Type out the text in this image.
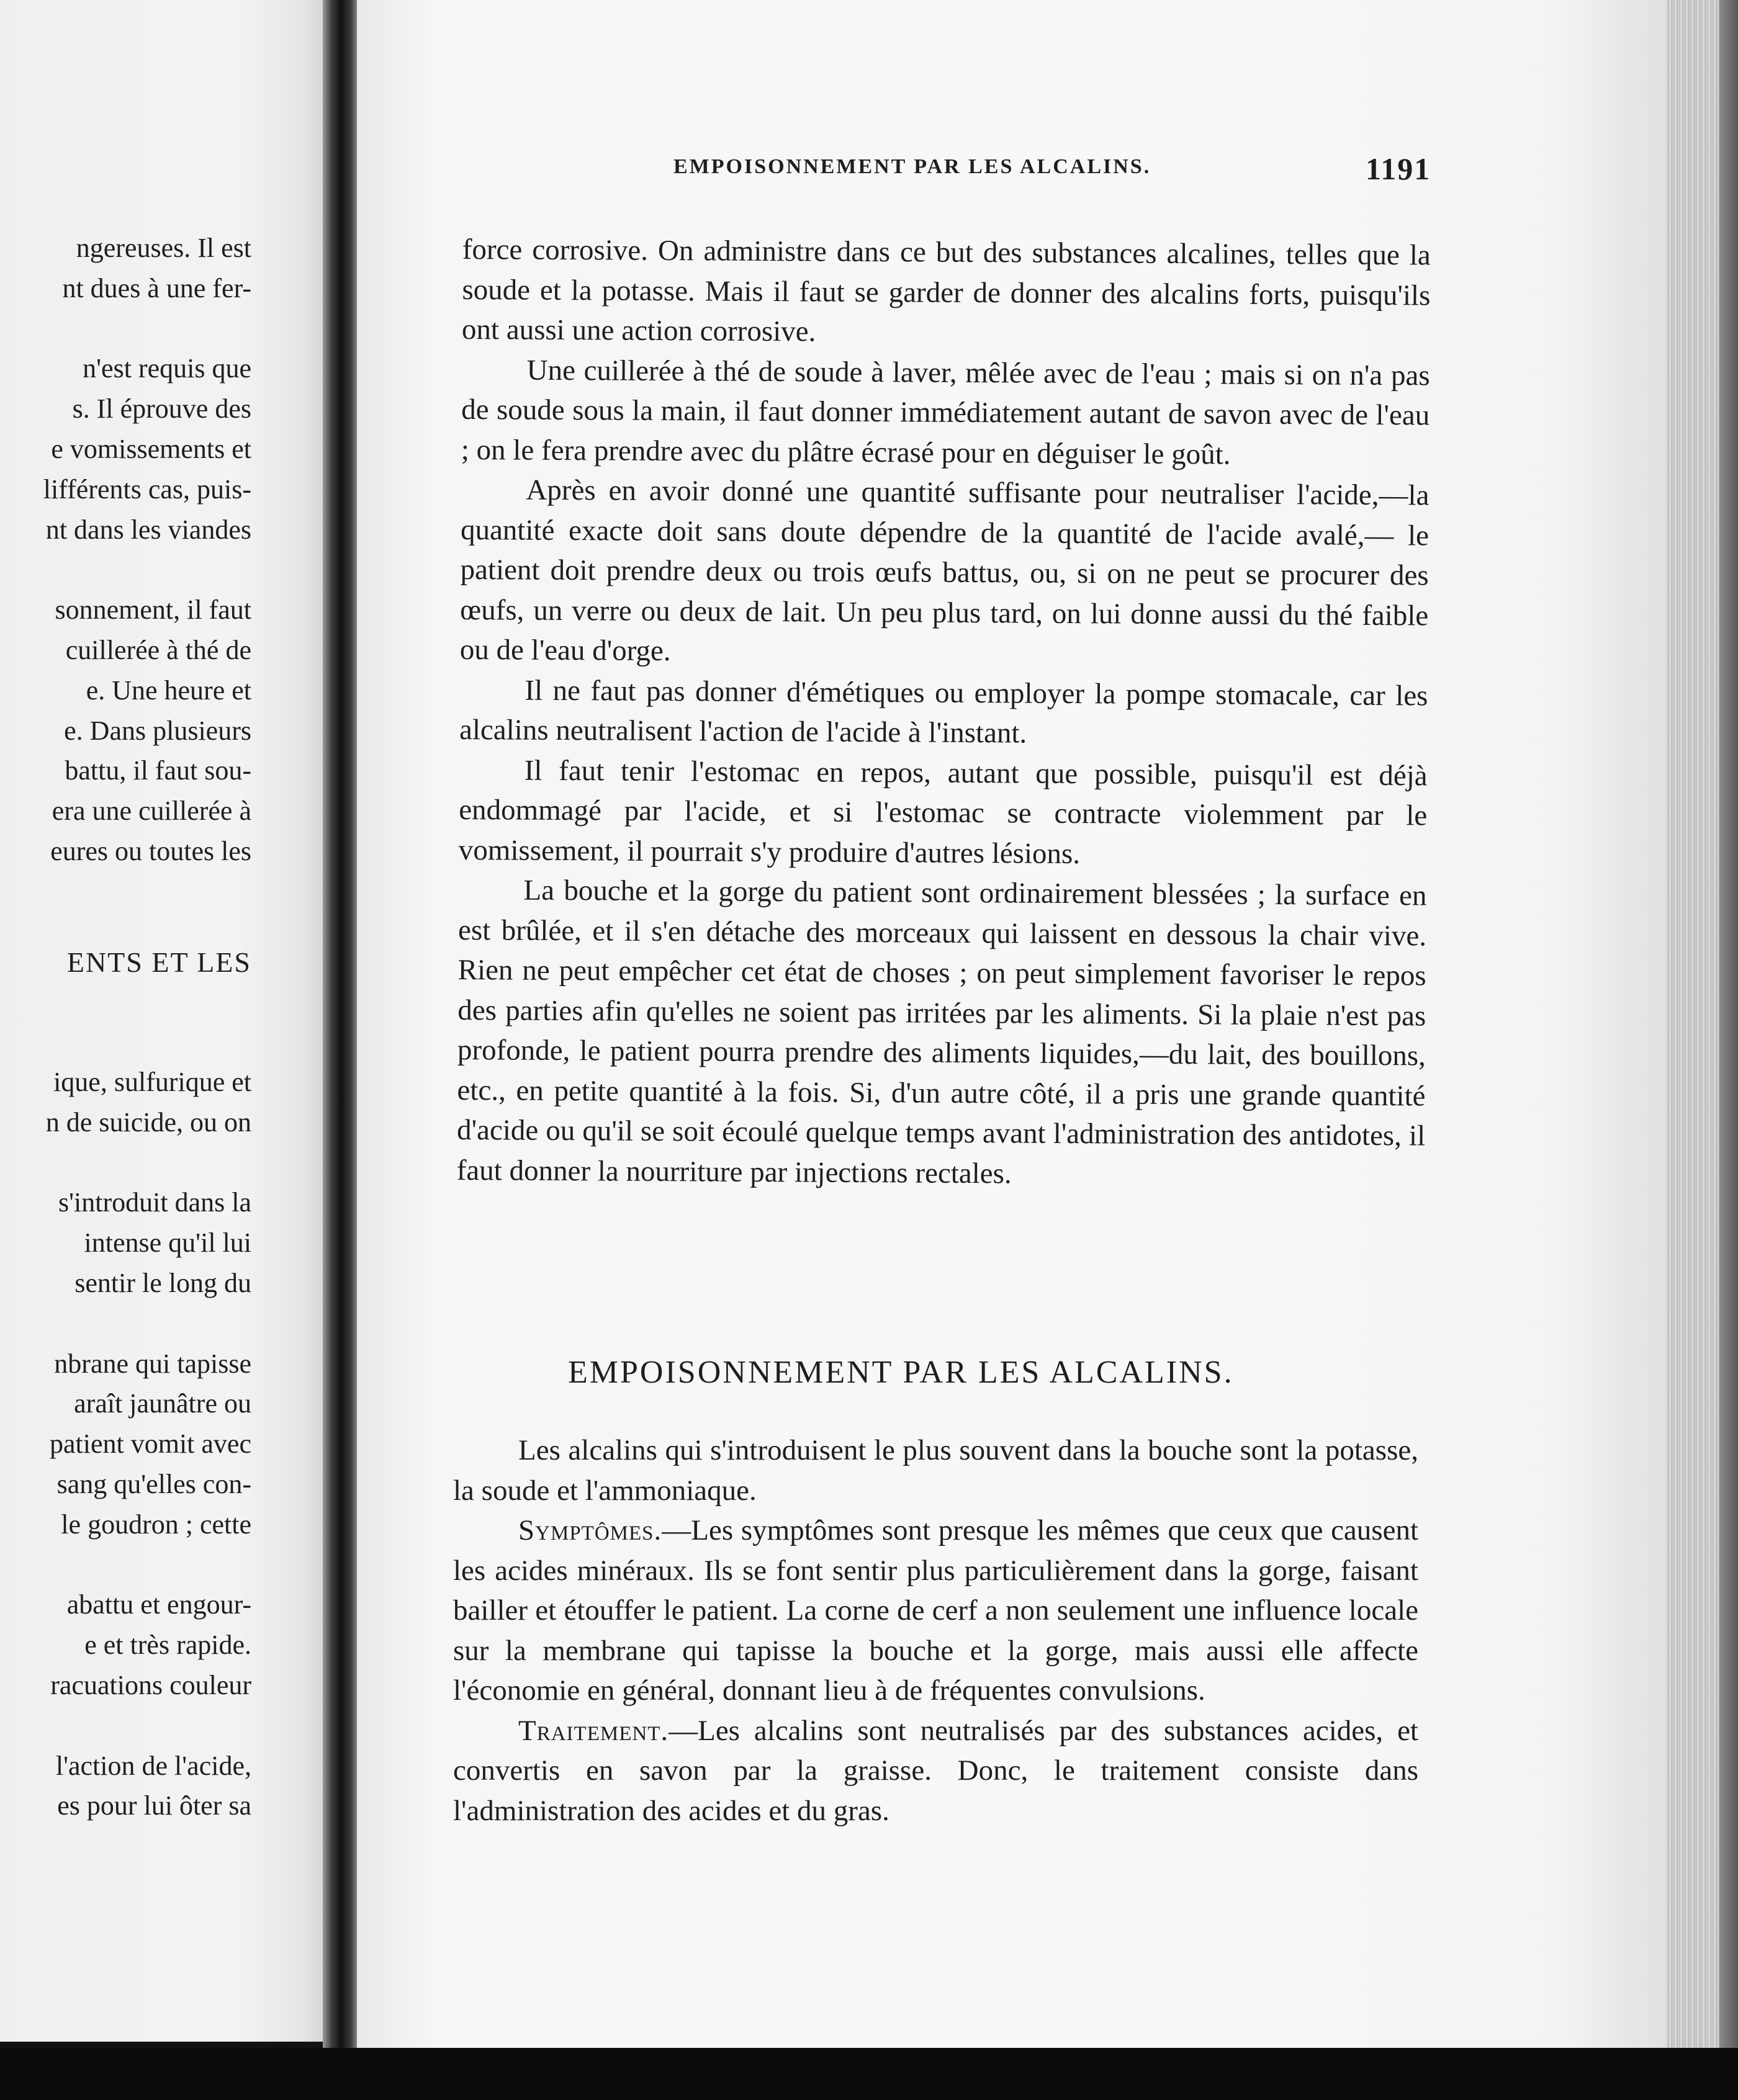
ngereuses. Il est
nt dues à une fer-
n'est requis que
s. Il éprouve des
e vomissements et
lifférents cas, puis-
nt dans les viandes
sonnement, il faut
cuillerée à thé de
e. Une heure et
e. Dans plusieurs
battu, il faut sou-
era une cuillerée à
eures ou toutes les
ENTS ET LES
ique, sulfurique et
n de suicide, ou on
s'introduit dans la
intense qu'il lui
sentir le long du
nbrane qui tapisse
araît jaunâtre ou
patient vomit avec
sang qu'elles con-
le goudron ; cette
abattu et engour-
e et très rapide.
racuations couleur
l'action de l'acide,
es pour lui ôter sa
EMPOISONNEMENT PAR LES ALCALINS.	1191

force corrosive. On administre dans ce but des substances alcalines, telles que la soude et la potasse. Mais il faut se garder de donner des alcalins forts, puisqu'ils ont aussi une action corrosive.

Une cuillerée à thé de soude à laver, mêlée avec de l'eau ; mais si on n'a pas de soude sous la main, il faut donner immédiatement autant de savon avec de l'eau ; on le fera prendre avec du plâtre écrasé pour en déguiser le goût.

Après en avoir donné une quantité suffisante pour neutraliser l'acide,—la quantité exacte doit sans doute dépendre de la quantité de l'acide avalé,— le patient doit prendre deux ou trois œufs battus, ou, si on ne peut se procurer des œufs, un verre ou deux de lait. Un peu plus tard, on lui donne aussi du thé faible ou de l'eau d'orge.

Il ne faut pas donner d'émétiques ou employer la pompe stomacale, car les alcalins neutralisent l'action de l'acide à l'instant.

Il faut tenir l'estomac en repos, autant que possible, puisqu'il est déjà endommagé par l'acide, et si l'estomac se contracte violemment par le vomissement, il pourrait s'y produire d'autres lésions.

La bouche et la gorge du patient sont ordinairement blessées ; la surface en est brûlée, et il s'en détache des morceaux qui laissent en dessous la chair vive. Rien ne peut empêcher cet état de choses ; on peut simplement favoriser le repos des parties afin qu'elles ne soient pas irritées par les aliments. Si la plaie n'est pas profonde, le patient pourra prendre des aliments liquides,—du lait, des bouillons, etc., en petite quantité à la fois. Si, d'un autre côté, il a pris une grande quantité d'acide ou qu'il se soit écoulé quelque temps avant l'administration des antidotes, il faut donner la nourriture par injections rectales.

EMPOISONNEMENT PAR LES ALCALINS.

Les alcalins qui s'introduisent le plus souvent dans la bouche sont la potasse, la soude et l'ammoniaque.

Symptômes.—Les symptômes sont presque les mêmes que ceux que causent les acides minéraux. Ils se font sentir plus particulièrement dans la gorge, faisant bailler et étouffer le patient. La corne de cerf a non seulement une influence locale sur la membrane qui tapisse la bouche et la gorge, mais aussi elle affecte l'économie en général, donnant lieu à de fréquentes convulsions.

Traitement.—Les alcalins sont neutralisés par des substances acides, et convertis en savon par la graisse. Donc, le traitement consiste dans l'administration des acides et du gras.
